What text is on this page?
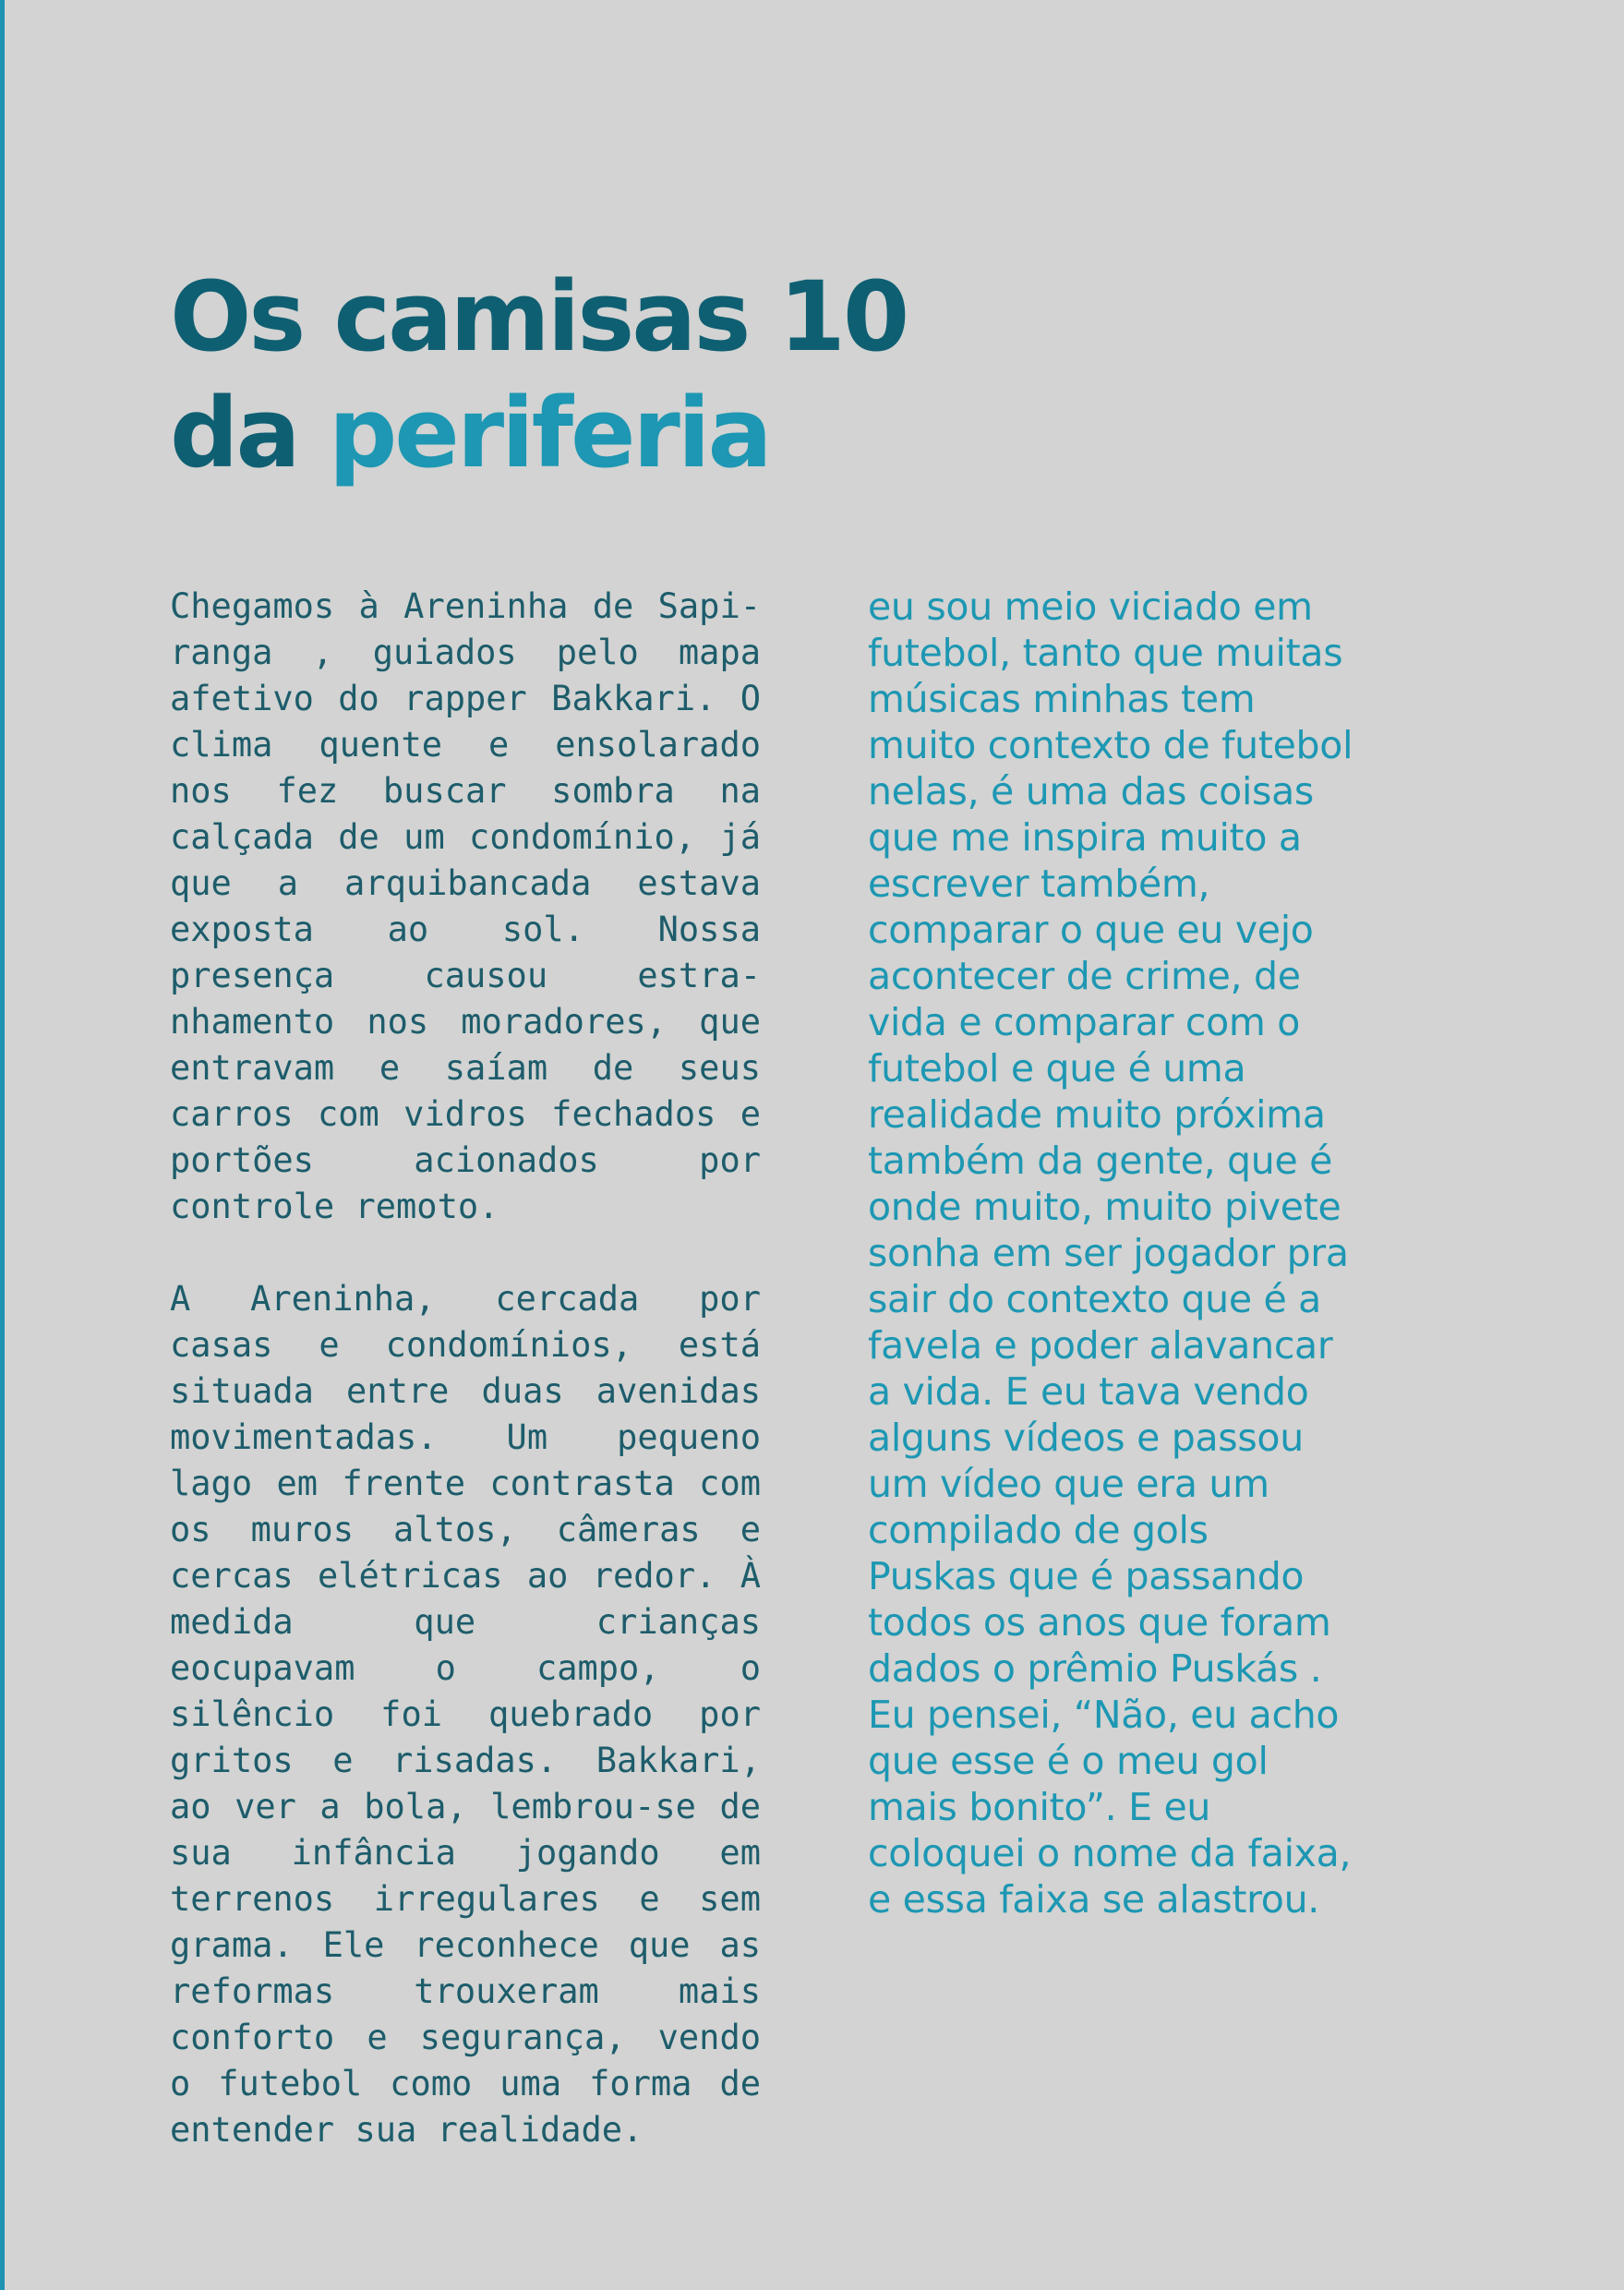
Os camisas 10
da periferia

Chegamos à Areninha de Sapiranga , guiados pelo mapa afetivo do rapper Bakkari. O clima quente e ensolarado nos fez buscar sombra na calçada de um condomínio, já que a arquibancada estava exposta ao sol. Nossa presença causou estranhamento nos moradores, que entravam e saíam de seus carros com vidros fechados e portões acionados por controle remoto.

A Areninha, cercada por casas e condomínios, está situada entre duas avenidas movimentadas. Um pequeno lago em frente contrasta com os muros altos, câmeras e cercas elétricas ao redor. À medida que crianças eocupavam o campo, o silêncio foi quebrado por gritos e risadas. Bakkari, ao ver a bola, lembrou-se de sua infância jogando em terrenos irregulares e sem grama. Ele reconhece que as reformas trouxeram mais conforto e segurança, vendo o futebol como uma forma de entender sua realidade.

eu sou meio viciado em
futebol, tanto que muitas
músicas minhas tem
muito contexto de futebol
nelas, é uma das coisas
que me inspira muito a
escrever também,
comparar o que eu vejo
acontecer de crime, de
vida e comparar com o
futebol e que é uma
realidade muito próxima
também da gente, que é
onde muito, muito pivete
sonha em ser jogador pra
sair do contexto que é a
favela e poder alavancar
a vida. E eu tava vendo
alguns vídeos e passou
um vídeo que era um
compilado de gols
Puskas que é passando
todos os anos que foram
dados o prêmio Puskás .
Eu pensei, “Não, eu acho
que esse é o meu gol
mais bonito”. E eu
coloquei o nome da faixa,
e essa faixa se alastrou.
